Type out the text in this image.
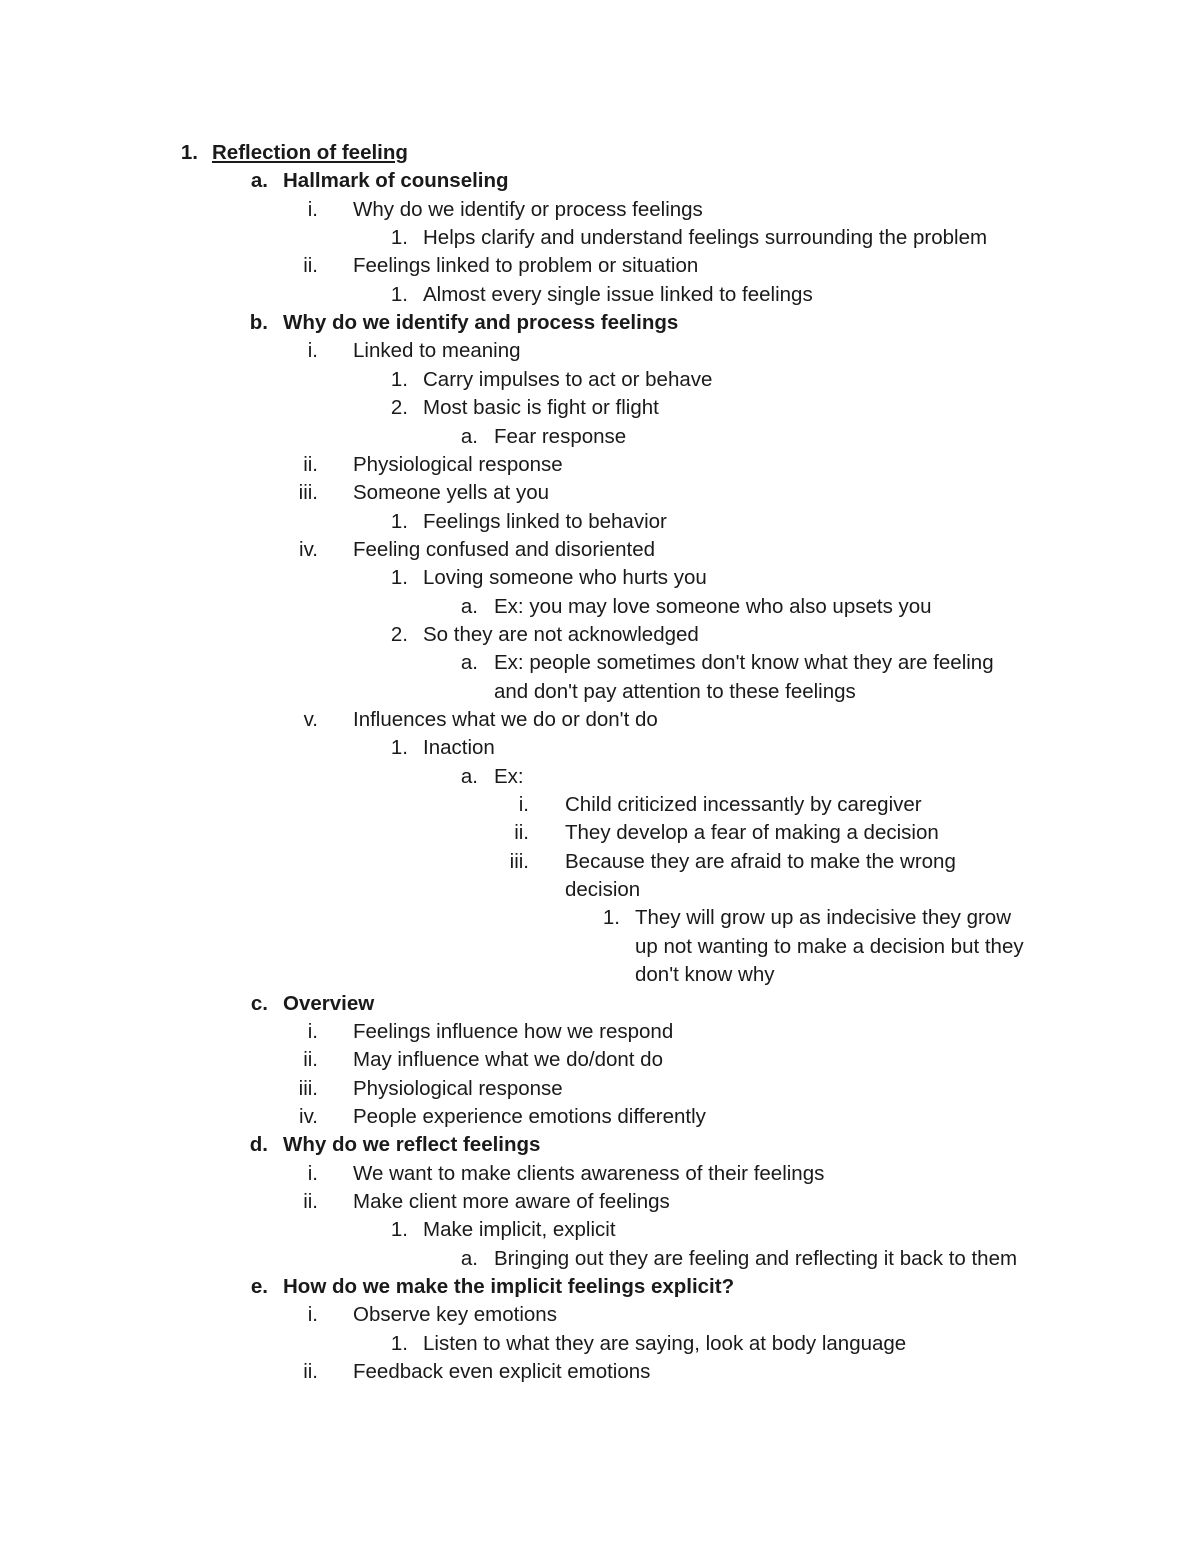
1. Reflection of feeling
a. Hallmark of counseling
i. Why do we identify or process feelings
1. Helps clarify and understand feelings surrounding the problem
ii. Feelings linked to problem or situation
1. Almost every single issue linked to feelings
b. Why do we identify and process feelings
i. Linked to meaning
1. Carry impulses to act or behave
2. Most basic is fight or flight
a. Fear response
ii. Physiological response
iii. Someone yells at you
1. Feelings linked to behavior
iv. Feeling confused and disoriented
1. Loving someone who hurts you
a. Ex: you may love someone who also upsets you
2. So they are not acknowledged
a. Ex: people sometimes don't know what they are feeling
and don't pay attention to these feelings
v. Influences what we do or don't do
1. Inaction
a. Ex:
i. Child criticized incessantly by caregiver
ii. They develop a fear of making a decision
iii. Because they are afraid to make the wrong
decision
1. They will grow up as indecisive they grow
up not wanting to make a decision but they
don't know why
c. Overview
i. Feelings influence how we respond
ii. May influence what we do/dont do
iii. Physiological response
iv. People experience emotions differently
d. Why do we reflect feelings
i. We want to make clients awareness of their feelings
ii. Make client more aware of feelings
1. Make implicit, explicit
a. Bringing out they are feeling and reflecting it back to them
e. How do we make the implicit feelings explicit?
i. Observe key emotions
1. Listen to what they are saying, look at body language
ii. Feedback even explicit emotions
